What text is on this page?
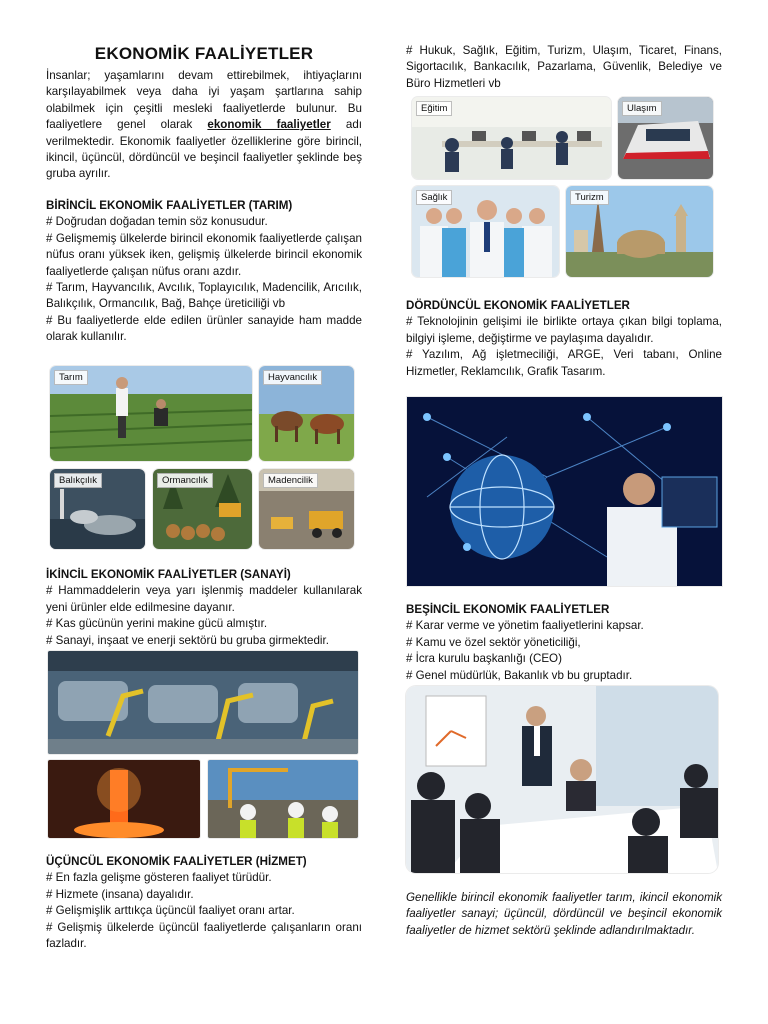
EKONOMİK FAALİYETLER

İnsanlar; yaşamlarını devam ettirebilmek, ihtiyaçlarını karşılayabilmek veya daha iyi yaşam şartlarına sahip olabilmek için çeşitli mesleki faaliyetlerde bulunur. Bu faaliyetlere genel olarak ekonomik faaliyetler adı verilmektedir. Ekonomik faaliyetler özelliklerine göre birincil, ikincil, üçüncül, dördüncül ve beşincil faaliyetler şeklinde beş gruba ayrılır.

BİRİNCİL EKONOMİK FAALİYETLER (TARIM)

# Doğrudan doğadan temin söz konusudur.

# Gelişmemiş ülkelerde birincil ekonomik faaliyetlerde çalışan nüfus oranı yüksek iken, gelişmiş ülkelerde birincil ekonomik faaliyetlerde çalışan nüfus oranı azdır.

# Tarım, Hayvancılık, Avcılık, Toplayıcılık, Madencilik, Arıcılık, Balıkçılık, Ormancılık, Bağ, Bahçe üreticiliği vb

# Bu faaliyetlerde elde edilen ürünler sanayide ham madde olarak kullanılır.

Tarım	Hayvancılık
Balıkçılık	Ormancılık	Madencilik

İKİNCİL EKONOMİK FAALİYETLER (SANAYİ)

# Hammaddelerin veya yarı işlenmiş maddeler kullanılarak yeni ürünler elde edilmesine dayanır.

# Kas gücünün yerini makine gücü almıştır.

# Sanayi, inşaat ve enerji sektörü bu gruba girmektedir.

ÜÇÜNCÜL EKONOMİK FAALİYETLER (HİZMET)

# En fazla gelişme gösteren faaliyet türüdür.

# Hizmete (insana) dayalıdır.

# Gelişmişlik arttıkça üçüncül faaliyet oranı artar.

# Gelişmiş ülkelerde üçüncül faaliyetlerde çalışanların oranı fazladır.

# Hukuk, Sağlık, Eğitim, Turizm, Ulaşım, Ticaret, Finans, Sigortacılık, Bankacılık, Pazarlama, Güvenlik, Belediye ve Büro Hizmetleri vb

Eğitim	Ulaşım
Sağlık	Turizm

DÖRDÜNCÜL EKONOMİK FAALİYETLER

# Teknolojinin gelişimi ile birlikte ortaya çıkan bilgi toplama, bilgiyi işleme, değiştirme ve paylaşıma dayalıdır.

# Yazılım, Ağ işletmeciliği, ARGE, Veri tabanı, Online Hizmetler, Reklamcılık, Grafik Tasarım.

BEŞİNCİL EKONOMİK FAALİYETLER

# Karar verme ve yönetim faaliyetlerini kapsar.

# Kamu ve özel sektör yöneticiliği,

# İcra kurulu başkanlığı (CEO)

# Genel müdürlük, Bakanlık vb bu gruptadır.

Genellikle birincil ekonomik faaliyetler tarım, ikincil ekonomik faaliyetler sanayi; üçüncül, dördüncül ve beşincil ekonomik faaliyetler de hizmet sektörü şeklinde adlandırılmaktadır.
